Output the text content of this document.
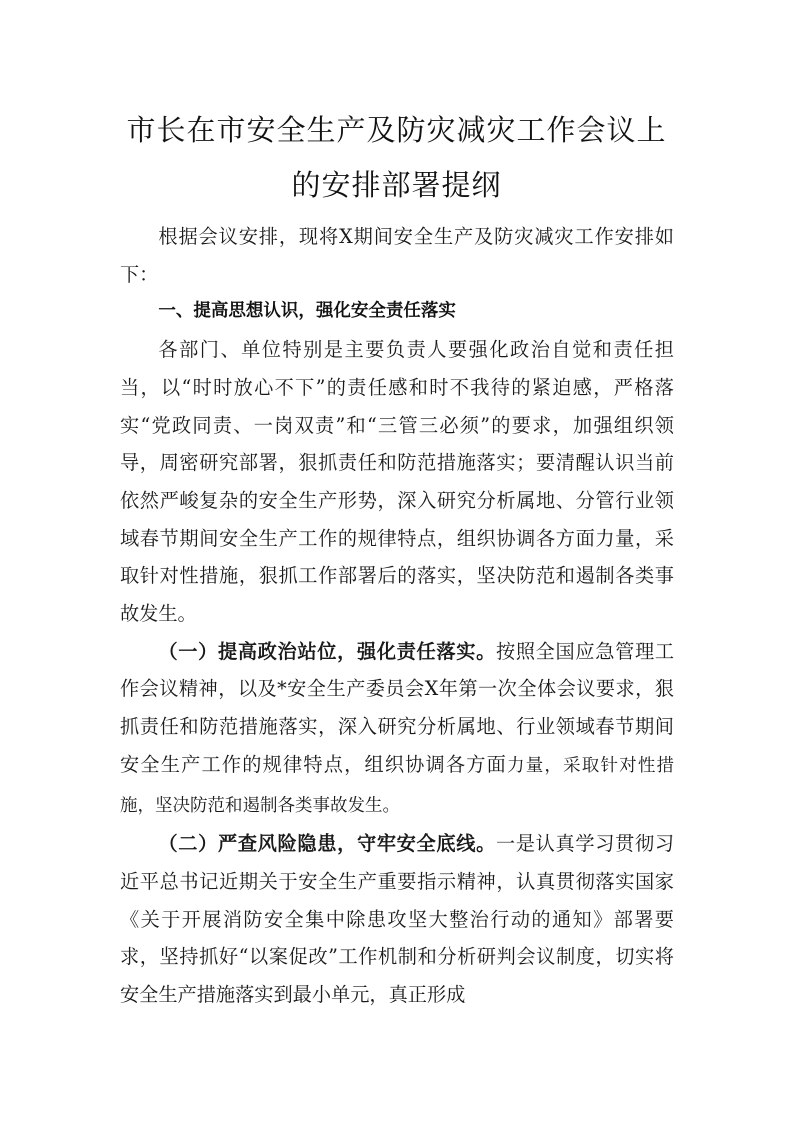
市长在市安全生产及防灾减灾工作会议上
的安排部署提纲

根据会议安排，现将X期间安全生产及防灾减灾工作安排如下：

一、提高思想认识，强化安全责任落实

各部门、单位特别是主要负责人要强化政治自觉和责任担当，以“时时放心不下”的责任感和时不我待的紧迫感，严格落实“党政同责、一岗双责”和“三管三必须”的要求，加强组织领导，周密研究部署，狠抓责任和防范措施落实；要清醒认识当前依然严峻复杂的安全生产形势，深入研究分析属地、分管行业领域春节期间安全生产工作的规律特点，组织协调各方面力量，采取针对性措施，狠抓工作部署后的落实，坚决防范和遏制各类事故发生。

（一）提高政治站位，强化责任落实。按照全国应急管理工作会议精神，以及*安全生产委员会X年第一次全体会议要求，狠抓责任和防范措施落实，深入研究分析属地、行业领域春节期间安全生产工作的规律特点，组织协调各方面力量，采取针对性措施，坚决防范和遏制各类事故发生。

（二）严查风险隐患，守牢安全底线。一是认真学习贯彻习近平总书记近期关于安全生产重要指示精神，认真贯彻落实国家《关于开展消防安全集中除患攻坚大整治行动的通知》部署要求，坚持抓好“以案促改”工作机制和分析研判会议制度，切实将安全生产措施落实到最小单元，真正形成
